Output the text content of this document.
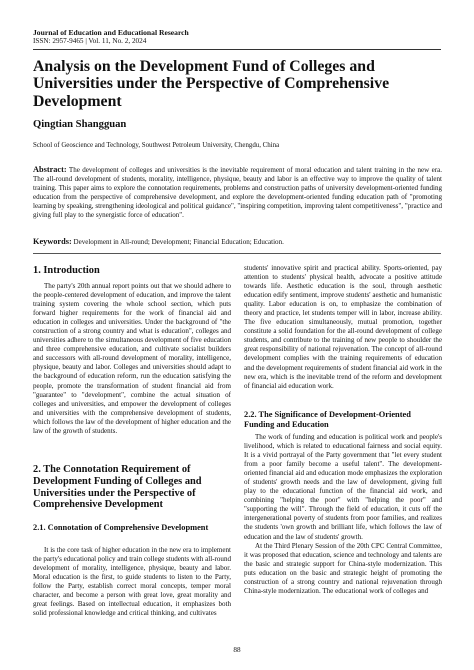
Journal of Education and Educational Research
ISSN: 2957-9465 | Vol. 11, No. 2, 2024
Analysis on the Development Fund of Colleges and Universities under the Perspective of Comprehensive Development
Qingtian Shangguan
School of Geoscience and Technology, Southwest Petroleum University, Chengdu, China
Abstract: The development of colleges and universities is the inevitable requirement of moral education and talent training in the new era. The all-round development of students, morality, intelligence, physique, beauty and labor is an effective way to improve the quality of talent training. This paper aims to explore the connotation requirements, problems and construction paths of university development-oriented funding education from the perspective of comprehensive development, and explore the development-oriented funding education path of "promoting learning by speaking, strengthening ideological and political guidance", "inspiring competition, improving talent competitiveness", "practice and giving full play to the synergistic force of education".
Keywords: Development in All-round; Development; Financial Education; Education.
1. Introduction

The party's 20th annual report points out that we should adhere to the people-centered development of education, and improve the talent training system covering the whole school section, which puts forward higher requirements for the work of financial aid and education in colleges and universities. Under the background of "the construction of a strong country and what is education", colleges and universities adhere to the simultaneous development of five education and three comprehensive education, and cultivate socialist builders and successors with all-round development of morality, intelligence, physique, beauty and labor. Colleges and universities should adapt to the background of education reform, run the education satisfying the people, promote the transformation of student financial aid from "guarantee" to "development", combine the actual situation of colleges and universities, and empower the development of colleges and universities with the comprehensive development of students, which follows the law of the development of higher education and the law of the growth of students.

2. The Connotation Requirement of Development Funding of Colleges and Universities under the Perspective of Comprehensive Development
2.1. Connotation of Comprehensive Development

It is the core task of higher education in the new era to implement the party's educational policy and train college students with all-round development of morality, intelligence, physique, beauty and labor. Moral education is the first, to guide students to listen to the Party, follow the Party, establish correct moral concepts, temper moral character, and become a person with great love, great morality and great feelings. Based on intellectual education, it emphasizes both solid professional knowledge and critical thinking, and cultivates

students' innovative spirit and practical ability. Sports-oriented, pay attention to students' physical health, advocate a positive attitude towards life. Aesthetic education is the soul, through aesthetic education edify sentiment, improve students' aesthetic and humanistic quality. Labor education is on, to emphasize the combination of theory and practice, let students temper will in labor, increase ability. The five education simultaneously, mutual promotion, together constitute a solid foundation for the all-round development of college students, and contribute to the training of new people to shoulder the great responsibility of national rejuvenation. The concept of all-round development complies with the training requirements of education and the development requirements of student financial aid work in the new era, which is the inevitable trend of the reform and development of financial aid education work.

2.2. The Significance of Development-Oriented Funding and Education

The work of funding and education is political work and people's livelihood, which is related to educational fairness and social equity. It is a vivid portrayal of the Party government that "let every student from a poor family become a useful talent". The development-oriented financial aid and education mode emphasizes the exploration of students' growth needs and the law of development, giving full play to the educational function of the financial aid work, and combining "helping the poor" with "helping the poor" and "supporting the will". Through the field of education, it cuts off the intergenerational poverty of students from poor families, and realizes the students 'own growth and brilliant life, which follows the law of education and the law of students' growth.

At the Third Plenary Session of the 20th CPC Central Committee, it was proposed that education, science and technology and talents are the basic and strategic support for China-style modernization. This puts education on the basic and strategic height of promoting the construction of a strong country and national rejuvenation through China-style modernization. The educational work of colleges and

88
